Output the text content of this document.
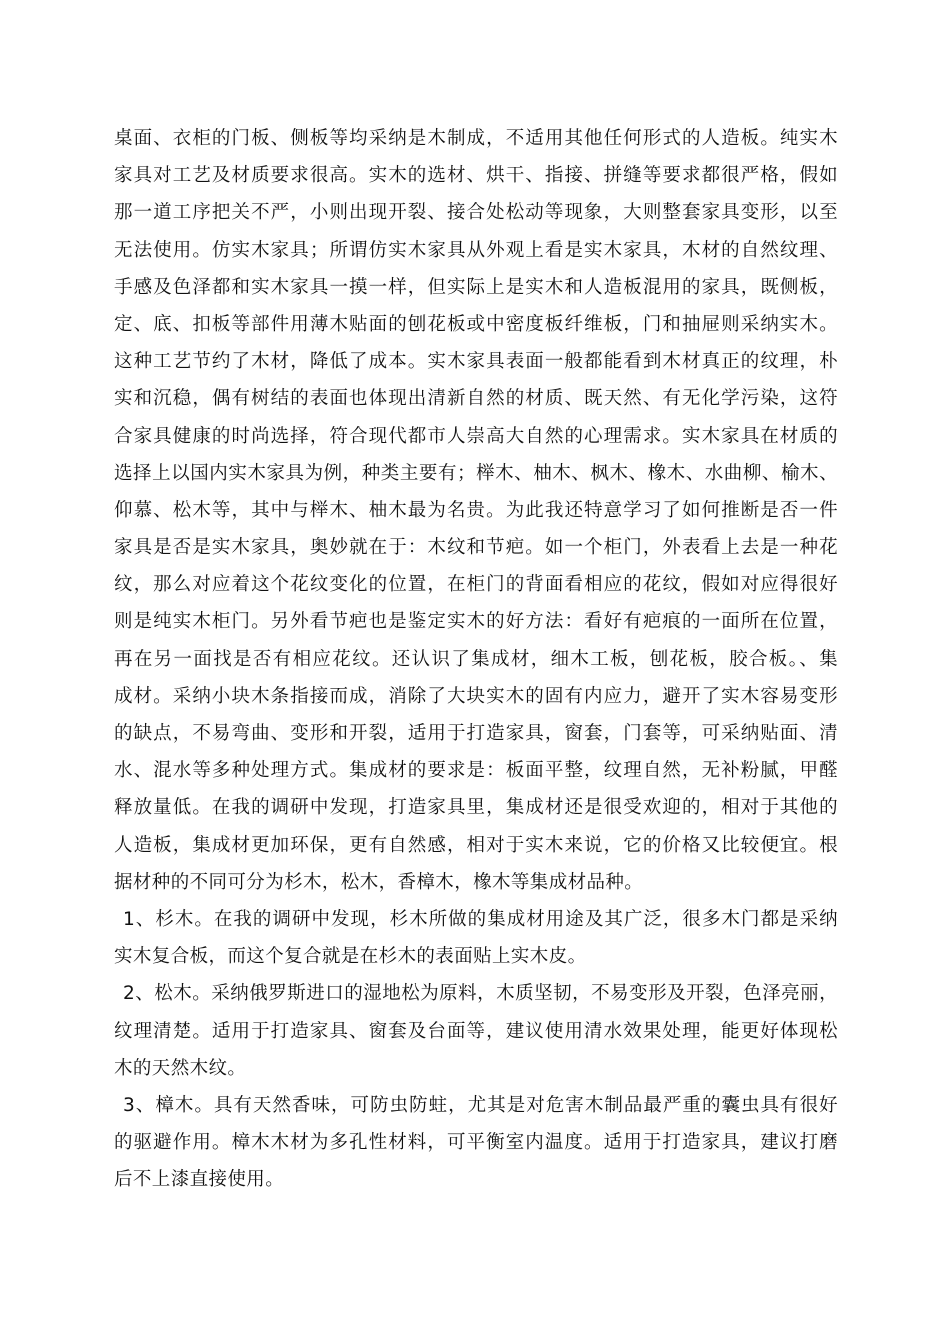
桌面、衣柜的门板、侧板等均采纳是木制成，不适用其他任何形式的人造板。纯实木
家具对工艺及材质要求很高。实木的选材、烘干、指接、拼缝等要求都很严格，假如
那一道工序把关不严，小则出现开裂、接合处松动等现象，大则整套家具变形，以至
无法使用。仿实木家具；所谓仿实木家具从外观上看是实木家具，木材的自然纹理、
手感及色泽都和实木家具一摸一样，但实际上是实木和人造板混用的家具，既侧板，
定、底、扣板等部件用薄木贴面的刨花板或中密度板纤维板，门和抽屉则采纳实木。
这种工艺节约了木材，降低了成本。实木家具表面一般都能看到木材真正的纹理，朴
实和沉稳，偶有树结的表面也体现出清新自然的材质、既天然、有无化学污染，这符
合家具健康的时尚选择，符合现代都市人崇高大自然的心理需求。实木家具在材质的
选择上以国内实木家具为例，种类主要有；榉木、柚木、枫木、橡木、水曲柳、榆木、
仰慕、松木等，其中与榉木、柚木最为名贵。为此我还特意学习了如何推断是否一件
家具是否是实木家具，奥妙就在于：木纹和节疤。如一个柜门，外表看上去是一种花
纹，那么对应着这个花纹变化的位置，在柜门的背面看相应的花纹，假如对应得很好
则是纯实木柜门。另外看节疤也是鉴定实木的好方法：看好有疤痕的一面所在位置，
再在另一面找是否有相应花纹。还认识了集成材，细木工板，刨花板，胶合板。、集
成材。采纳小块木条指接而成，消除了大块实木的固有内应力，避开了实木容易变形
的缺点，不易弯曲、变形和开裂，适用于打造家具，窗套，门套等，可采纳贴面、清
水、混水等多种处理方式。集成材的要求是：板面平整，纹理自然，无补粉腻，甲醛
释放量低。在我的调研中发现，打造家具里，集成材还是很受欢迎的，相对于其他的
人造板，集成材更加环保，更有自然感，相对于实木来说，它的价格又比较便宜。根
据材种的不同可分为杉木，松木，香樟木，橡木等集成材品种。
1、杉木。在我的调研中发现，杉木所做的集成材用途及其广泛，很多木门都是采纳
实木复合板，而这个复合就是在杉木的表面贴上实木皮。
2、松木。采纳俄罗斯进口的湿地松为原料，木质坚韧，不易变形及开裂，色泽亮丽，
纹理清楚。适用于打造家具、窗套及台面等，建议使用清水效果处理，能更好体现松
木的天然木纹。
3、樟木。具有天然香味，可防虫防蛀，尤其是对危害木制品最严重的囊虫具有很好
的驱避作用。樟木木材为多孔性材料，可平衡室内温度。适用于打造家具，建议打磨
后不上漆直接使用。
